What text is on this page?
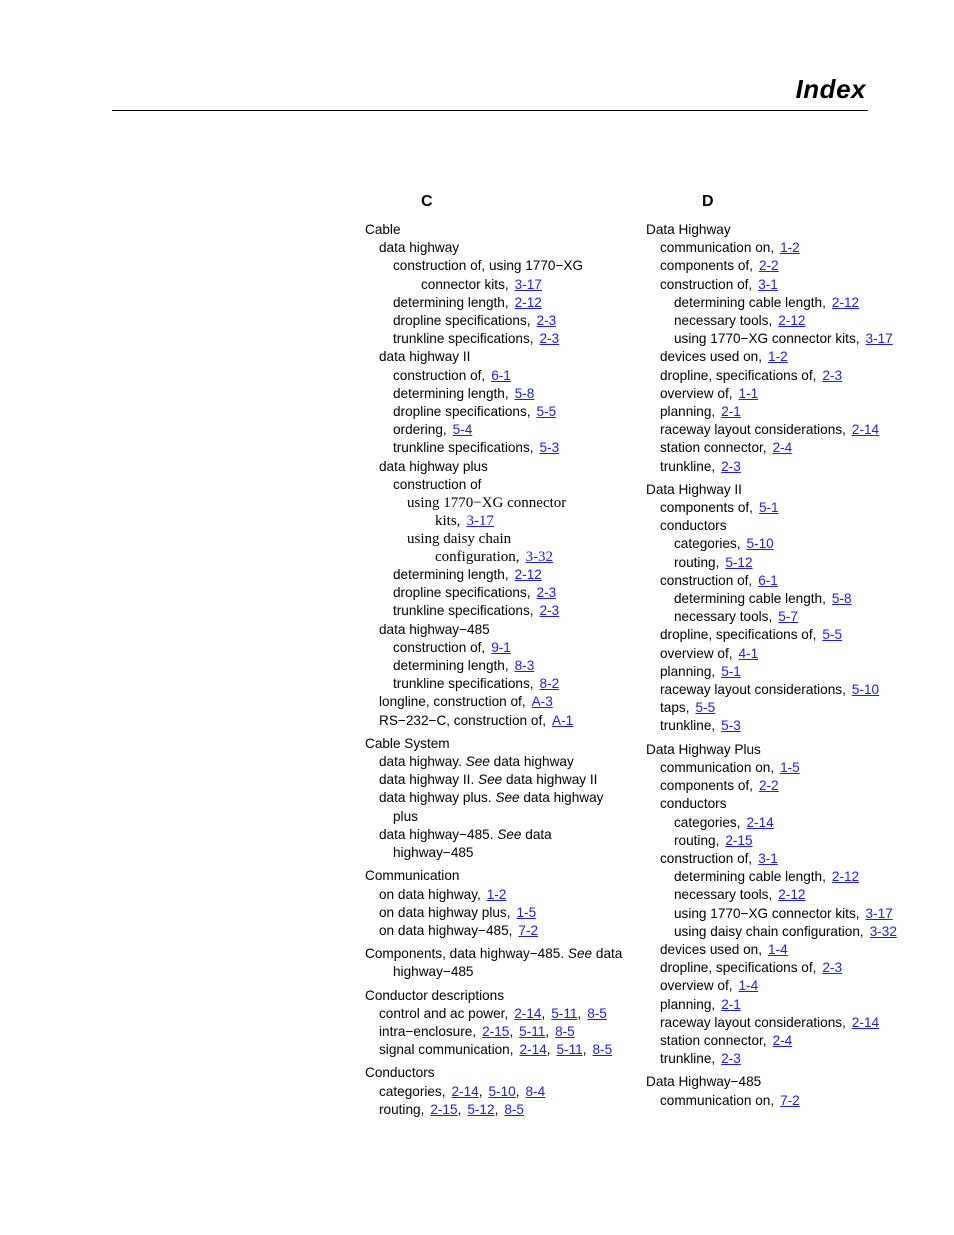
Index
C
Cable
data highway
construction of, using 1770−XG
connector kits, 3-17
determining length, 2-12
dropline specifications, 2-3
trunkline specifications, 2-3
data highway II
construction of, 6-1
determining length, 5-8
dropline specifications, 5-5
ordering, 5-4
trunkline specifications, 5-3
data highway plus
construction of
using 1770−XG connector
kits, 3-17
using daisy chain
configuration, 3-32
determining length, 2-12
dropline specifications, 2-3
trunkline specifications, 2-3
data highway−485
construction of, 9-1
determining length, 8-3
trunkline specifications, 8-2
longline, construction of, A-3
RS−232−C, construction of, A-1
Cable System
data highway. See data highway
data highway II. See data highway II
data highway plus. See data highway
plus
data highway−485. See data
highway−485
Communication
on data highway, 1-2
on data highway plus, 1-5
on data highway−485, 7-2
Components, data highway−485. See data
highway−485
Conductor descriptions
control and ac power, 2-14, 5-11, 8-5
intra−enclosure, 2-15, 5-11, 8-5
signal communication, 2-14, 5-11, 8-5
Conductors
categories, 2-14, 5-10, 8-4
routing, 2-15, 5-12, 8-5
D
Data Highway
communication on, 1-2
components of, 2-2
construction of, 3-1
determining cable length, 2-12
necessary tools, 2-12
using 1770−XG connector kits, 3-17
devices used on, 1-2
dropline, specifications of, 2-3
overview of, 1-1
planning, 2-1
raceway layout considerations, 2-14
station connector, 2-4
trunkline, 2-3
Data Highway II
components of, 5-1
conductors
categories, 5-10
routing, 5-12
construction of, 6-1
determining cable length, 5-8
necessary tools, 5-7
dropline, specifications of, 5-5
overview of, 4-1
planning, 5-1
raceway layout considerations, 5-10
taps, 5-5
trunkline, 5-3
Data Highway Plus
communication on, 1-5
components of, 2-2
conductors
categories, 2-14
routing, 2-15
construction of, 3-1
determining cable length, 2-12
necessary tools, 2-12
using 1770−XG connector kits, 3-17
using daisy chain configuration, 3-32
devices used on, 1-4
dropline, specifications of, 2-3
overview of, 1-4
planning, 2-1
raceway layout considerations, 2-14
station connector, 2-4
trunkline, 2-3
Data Highway−485
communication on, 7-2
